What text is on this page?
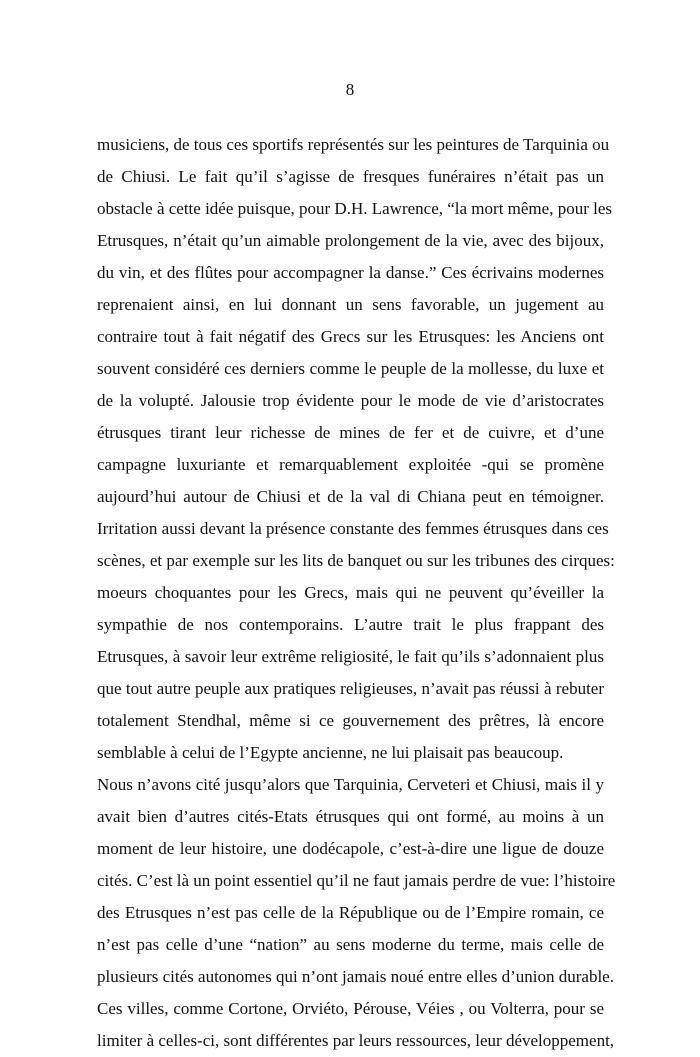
8
musiciens, de tous ces sportifs représentés sur les peintures de Tarquinia ou
de Chiusi. Le fait qu’il s’agisse de fresques funéraires n’était pas un
obstacle à cette idée puisque, pour D.H. Lawrence, “la mort même, pour les
Etrusques, n’était qu’un aimable prolongement de la vie, avec des bijoux,
du vin, et des flûtes pour accompagner la danse.” Ces écrivains modernes
reprenaient ainsi, en lui donnant un sens favorable, un jugement au
contraire tout à fait négatif des Grecs sur les Etrusques: les Anciens ont
souvent considéré ces derniers comme le peuple de la mollesse, du luxe et
de la volupté. Jalousie trop évidente pour le mode de vie d’aristocrates
étrusques tirant leur richesse de mines de fer et de cuivre, et d’une
campagne luxuriante et remarquablement exploitée -qui se promène
aujourd’hui autour de Chiusi et de la val di Chiana peut en témoigner.
Irritation aussi devant la présence constante des femmes étrusques dans ces
scènes, et par exemple sur les lits de banquet ou sur les tribunes des cirques:
moeurs choquantes pour les Grecs, mais qui ne peuvent qu’éveiller la
sympathie de nos contemporains. L’autre trait le plus frappant des
Etrusques, à savoir leur extrême religiosité, le fait qu’ils s’adonnaient plus
que tout autre peuple aux pratiques religieuses, n’avait pas réussi à rebuter
totalement Stendhal, même si ce gouvernement des prêtres, là encore
semblable à celui de l’Egypte ancienne, ne lui plaisait pas beaucoup.
Nous n’avons cité jusqu’alors que Tarquinia, Cerveteri et Chiusi, mais il y
avait bien d’autres cités-Etats étrusques qui ont formé, au moins à un
moment de leur histoire, une dodécapole, c’est-à-dire une ligue de douze
cités. C’est là un point essentiel qu’il ne faut jamais perdre de vue: l’histoire
des Etrusques n’est pas celle de la République ou de l’Empire romain, ce
n’est pas celle d’une “nation” au sens moderne du terme, mais celle de
plusieurs cités autonomes qui n’ont jamais noué entre elles d’union durable.
Ces villes, comme Cortone, Orviéto, Pérouse, Véies , ou Volterra, pour se
limiter à celles-ci, sont différentes par leurs ressources, leur développement,
